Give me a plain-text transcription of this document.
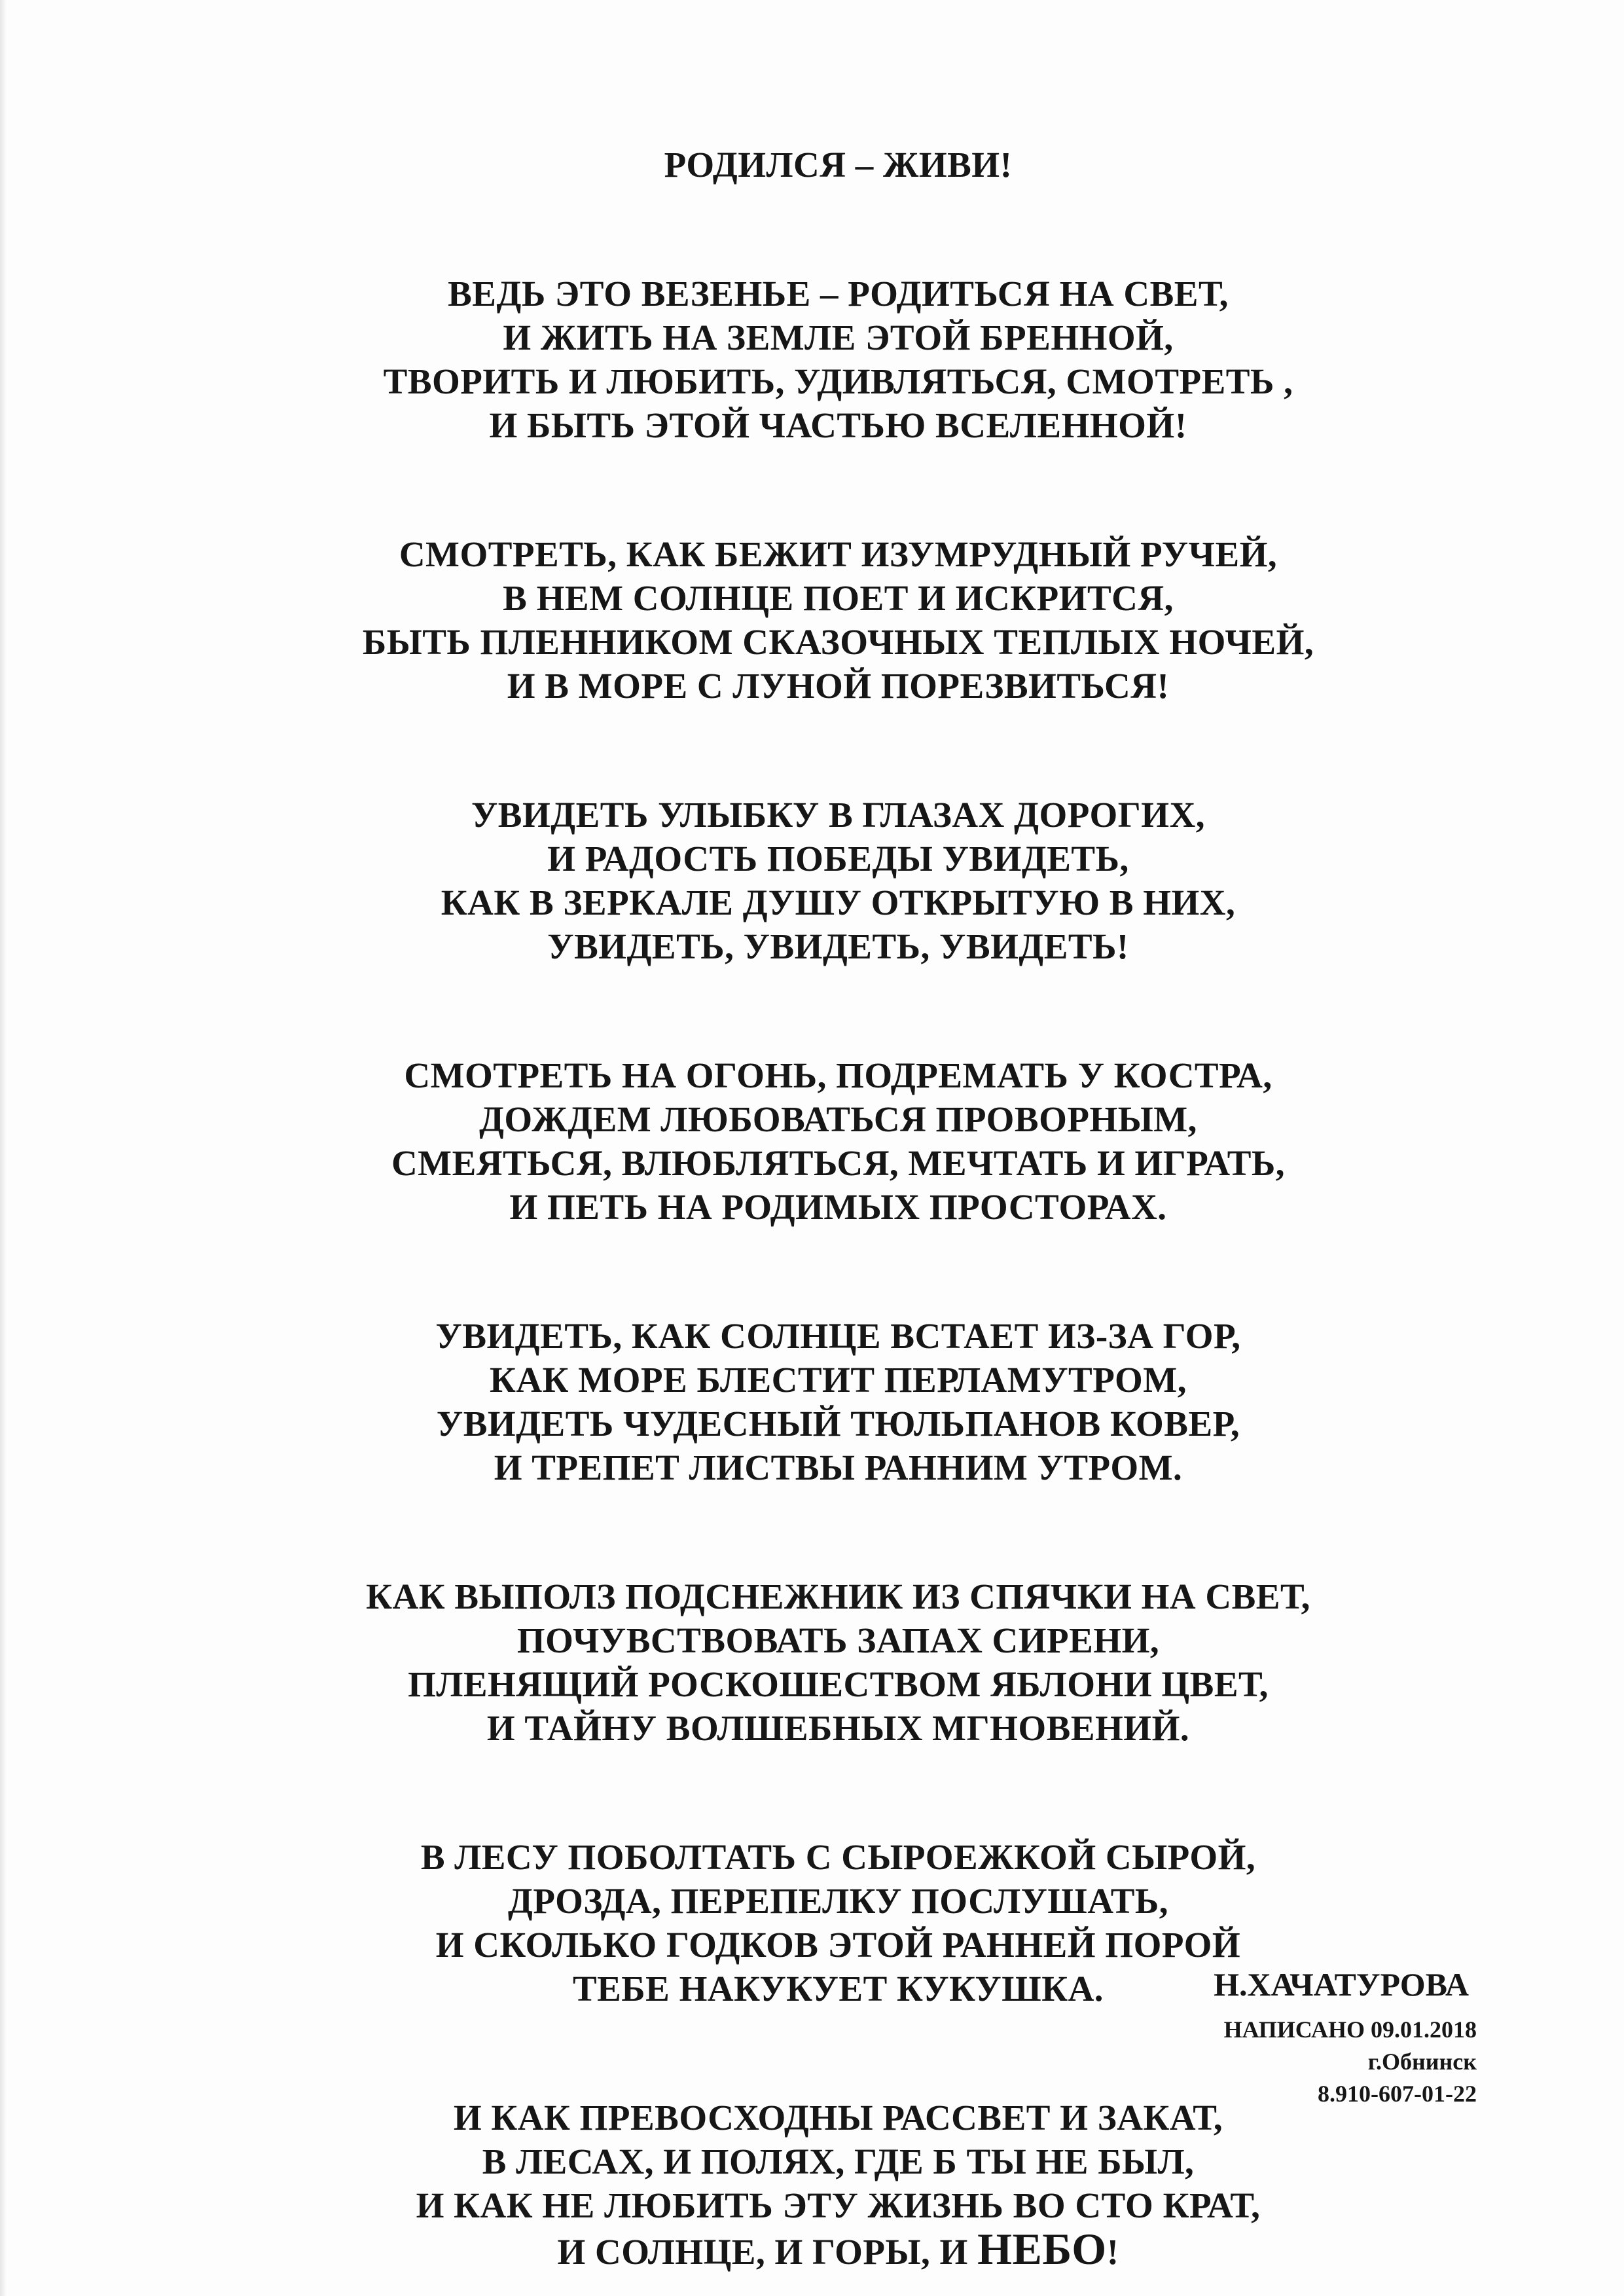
РОДИЛСЯ – ЖИВИ!
ВЕДЬ ЭТО ВЕЗЕНЬЕ – РОДИТЬСЯ НА СВЕТ,
И ЖИТЬ НА ЗЕМЛЕ ЭТОЙ БРЕННОЙ,
ТВОРИТЬ И ЛЮБИТЬ, УДИВЛЯТЬСЯ, СМОТРЕТЬ ,
И БЫТЬ ЭТОЙ ЧАСТЬЮ ВСЕЛЕННОЙ!
СМОТРЕТЬ, КАК БЕЖИТ ИЗУМРУДНЫЙ РУЧЕЙ,
В НЕМ СОЛНЦЕ ПОЕТ И ИСКРИТСЯ,
БЫТЬ ПЛЕННИКОМ СКАЗОЧНЫХ ТЕПЛЫХ НОЧЕЙ,
И В МОРЕ С ЛУНОЙ ПОРЕЗВИТЬСЯ!
УВИДЕТЬ УЛЫБКУ В ГЛАЗАХ ДОРОГИХ,
И РАДОСТЬ ПОБЕДЫ УВИДЕТЬ,
КАК В ЗЕРКАЛЕ ДУШУ ОТКРЫТУЮ В НИХ,
УВИДЕТЬ, УВИДЕТЬ, УВИДЕТЬ!
СМОТРЕТЬ НА ОГОНЬ, ПОДРЕМАТЬ У КОСТРА,
ДОЖДЕМ ЛЮБОВАТЬСЯ ПРОВОРНЫМ,
СМЕЯТЬСЯ, ВЛЮБЛЯТЬСЯ, МЕЧТАТЬ И ИГРАТЬ,
И ПЕТЬ НА РОДИМЫХ ПРОСТОРАХ.
УВИДЕТЬ, КАК СОЛНЦЕ ВСТАЕТ ИЗ-ЗА ГОР,
КАК МОРЕ БЛЕСТИТ ПЕРЛАМУТРОМ,
УВИДЕТЬ ЧУДЕСНЫЙ ТЮЛЬПАНОВ КОВЕР,
И ТРЕПЕТ ЛИСТВЫ РАННИМ УТРОМ.
КАК ВЫПОЛЗ ПОДСНЕЖНИК ИЗ СПЯЧКИ НА СВЕТ,
ПОЧУВСТВОВАТЬ ЗАПАХ СИРЕНИ,
ПЛЕНЯЩИЙ РОСКОШЕСТВОМ ЯБЛОНИ ЦВЕТ,
И ТАЙНУ ВОЛШЕБНЫХ МГНОВЕНИЙ.
В ЛЕСУ ПОБОЛТАТЬ С СЫРОЕЖКОЙ СЫРОЙ,
ДРОЗДА, ПЕРЕПЕЛКУ ПОСЛУШАТЬ,
И СКОЛЬКО ГОДКОВ ЭТОЙ РАННЕЙ ПОРОЙ
ТЕБЕ НАКУКУЕТ КУКУШКА.
И КАК ПРЕВОСХОДНЫ РАССВЕТ И ЗАКАТ,
В ЛЕСАХ, И ПОЛЯХ, ГДЕ Б ТЫ НЕ БЫЛ,
И КАК НЕ ЛЮБИТЬ ЭТУ ЖИЗНЬ ВО СТО КРАТ,
И СОЛНЦЕ, И ГОРЫ, И НЕБО!
Н.ХАЧАТУРОВА
НАПИСАНО 09.01.2018
г.Обнинск
8.910-607-01-22
